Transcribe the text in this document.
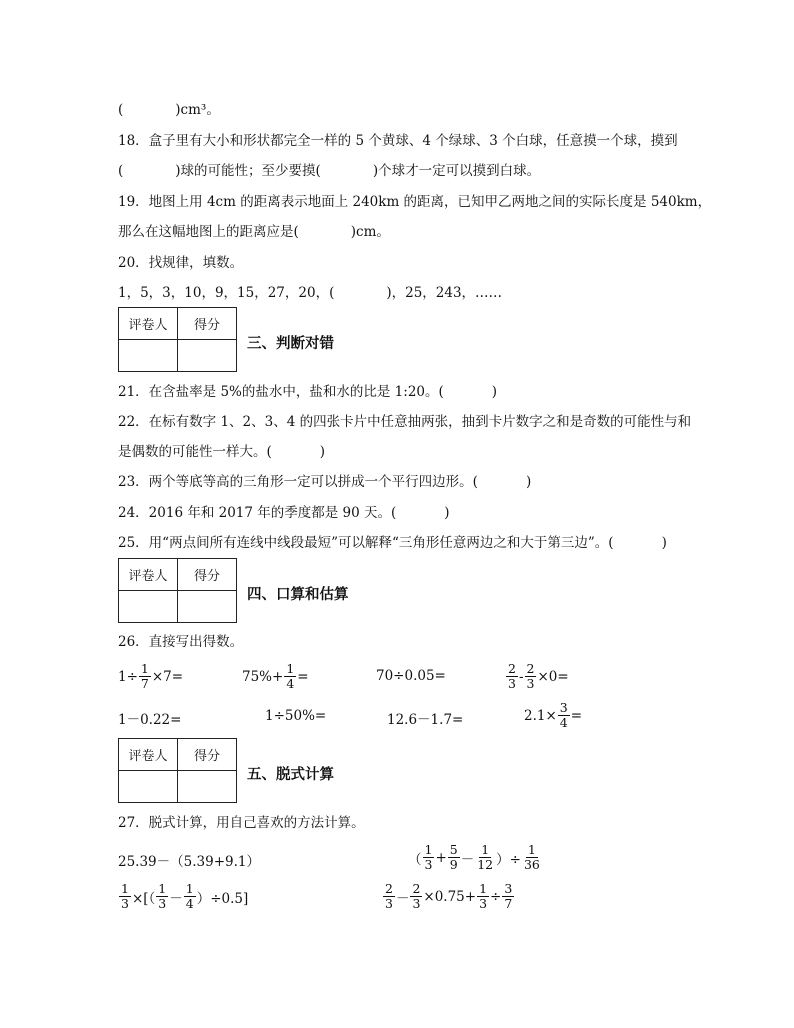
(	)cm³。
18．盒子里有大小和形状都完全一样的 5 个黄球、4 个绿球、3 个白球，任意摸一个球，摸到
(	)球的可能性；至少要摸(	)个球才一定可以摸到白球。
19．地图上用 4cm 的距离表示地面上 240km 的距离，已知甲乙两地之间的实际长度是 540km，
那么在这幅地图上的距离应是(	)cm。
20．找规律，填数。
1，5，3，10，9，15，27，20，(	)，25，243，……
评卷人	得分

三、判断对错
21．在含盐率是 5%的盐水中，盐和水的比是 1:20。(	)
22．在标有数字 1、2、3、4 的四张卡片中任意抽两张，抽到卡片数字之和是奇数的可能性与和
是偶数的可能性一样大。(	)
23．两个等底等高的三角形一定可以拼成一个平行四边形。(	)
24．2016 年和 2017 年的季度都是 90 天。(	)
25．用“两点间所有连线中线段最短”可以解释“三角形任意两边之和大于第三边”。(	)
评卷人	得分

四、口算和估算
26．直接写出得数。
$1\div \frac{1}{7} \times 7=$	$75\%+ \frac{1}{4}$ =	70÷0.05=	$\frac{2}{3} - \frac{2}{3} \times 0=$
1－0.22=	1÷50%=	12.6－1.7=	$2.1\times \frac{3}{4}$ =
评卷人	得分

五、脱式计算
27．脱式计算，用自己喜欢的方法计算。
25.39－（5.39+9.1）	（ $\frac{1}{3} + \frac{5}{9} - \frac{1}{12}$ ）÷ $\frac{1}{36}$
$\frac{1}{3}$ ×[（ $\frac{1}{3} - \frac{1}{4} )\div 0.5$]	$\frac{2}{3} - \frac{2}{3} \times 0.75+ \frac{1}{3} \div \frac{3}{7}$
